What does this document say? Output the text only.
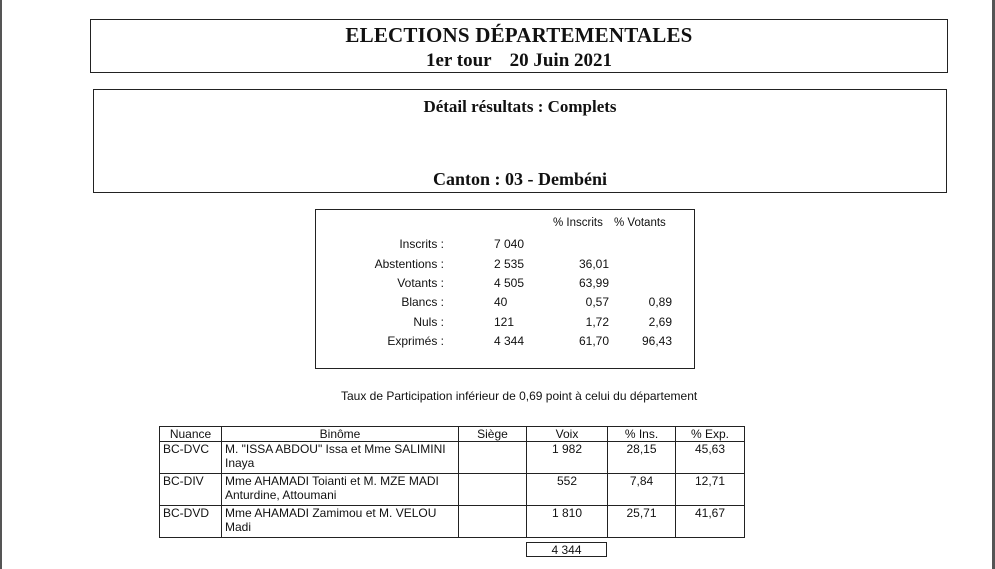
ELECTIONS DÉPARTEMENTALES
1er tour 20 Juin 2021
Détail résultats : Complets
Canton : 03 - Dembéni
% Inscrits % Votants
Inscrits :	7 040
Abstentions :	2 535	36,01
Votants :	4 505	63,99
Blancs :	40	0,57	0,89
Nuls :	121	1,72	2,69
Exprimés :	4 344	61,70	96,43
Taux de Participation inférieur de 0,69 point à celui du département
Nuance	Binôme	Siège	Voix	% Ins.	% Exp.
BC-DVC	M. "ISSA ABDOU" Issa et Mme SALIMINI Inaya		1 982	28,15	45,63
BC-DIV	Mme AHAMADI Toianti et M. MZE MADI Anturdine, Attoumani		552	7,84	12,71
BC-DVD	Mme AHAMADI Zamimou et M. VELOU Madi		1 810	25,71	41,67
4 344
